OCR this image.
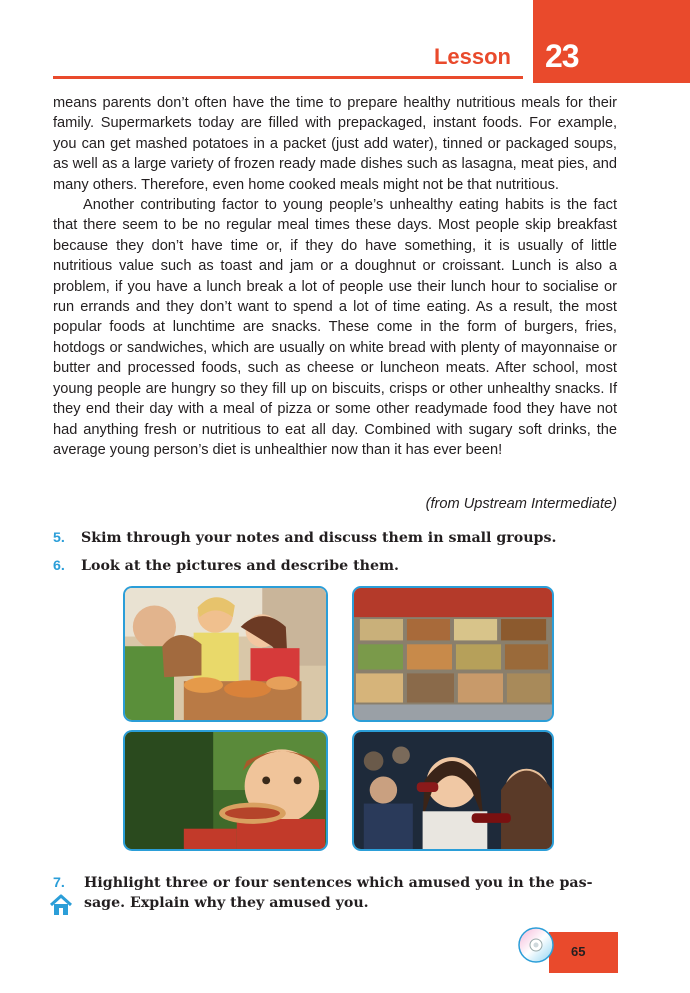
Lesson 23

means parents don’t often have the time to prepare healthy nutritious meals for their family. Supermarkets today are filled with prepackaged, instant foods. For example, you can get mashed potatoes in a packet (just add water), tinned or packaged soups, as well as a large variety of frozen ready made dishes such as lasagna, meat pies, and many others. Therefore, even home cooked meals might not be that nutritious.

Another contributing factor to young people’s unhealthy eating habits is the fact that there seem to be no regular meal times these days. Most people skip breakfast because they don’t have time or, if they do have something, it is usually of little nutritious value such as toast and jam or a doughnut or croissant. Lunch is also a problem, if you have a lunch break a lot of people use their lunch hour to socialise or run errands and they don’t want to spend a lot of time eating. As a result, the most popular foods at lunchtime are snacks. These come in the form of burgers, fries, hotdogs or sandwiches, which are usually on white bread with plenty of mayonnaise or butter and processed foods, such as cheese or luncheon meats. After school, most young people are hungry so they fill up on biscuits, crisps or other unhealthy snacks. If they end their day with a meal of pizza or some other readymade food they have not had anything fresh or nutritious to eat all day. Combined with sugary soft drinks, the average young person’s diet is unhealthier now than it has ever been!

(from Upstream Intermediate)
5. Skim through your notes and discuss them in small groups.
6. Look at the pictures and describe them.
7. Highlight three or four sentences which amused you in the pas-
sage. Explain why they amused you.
65
